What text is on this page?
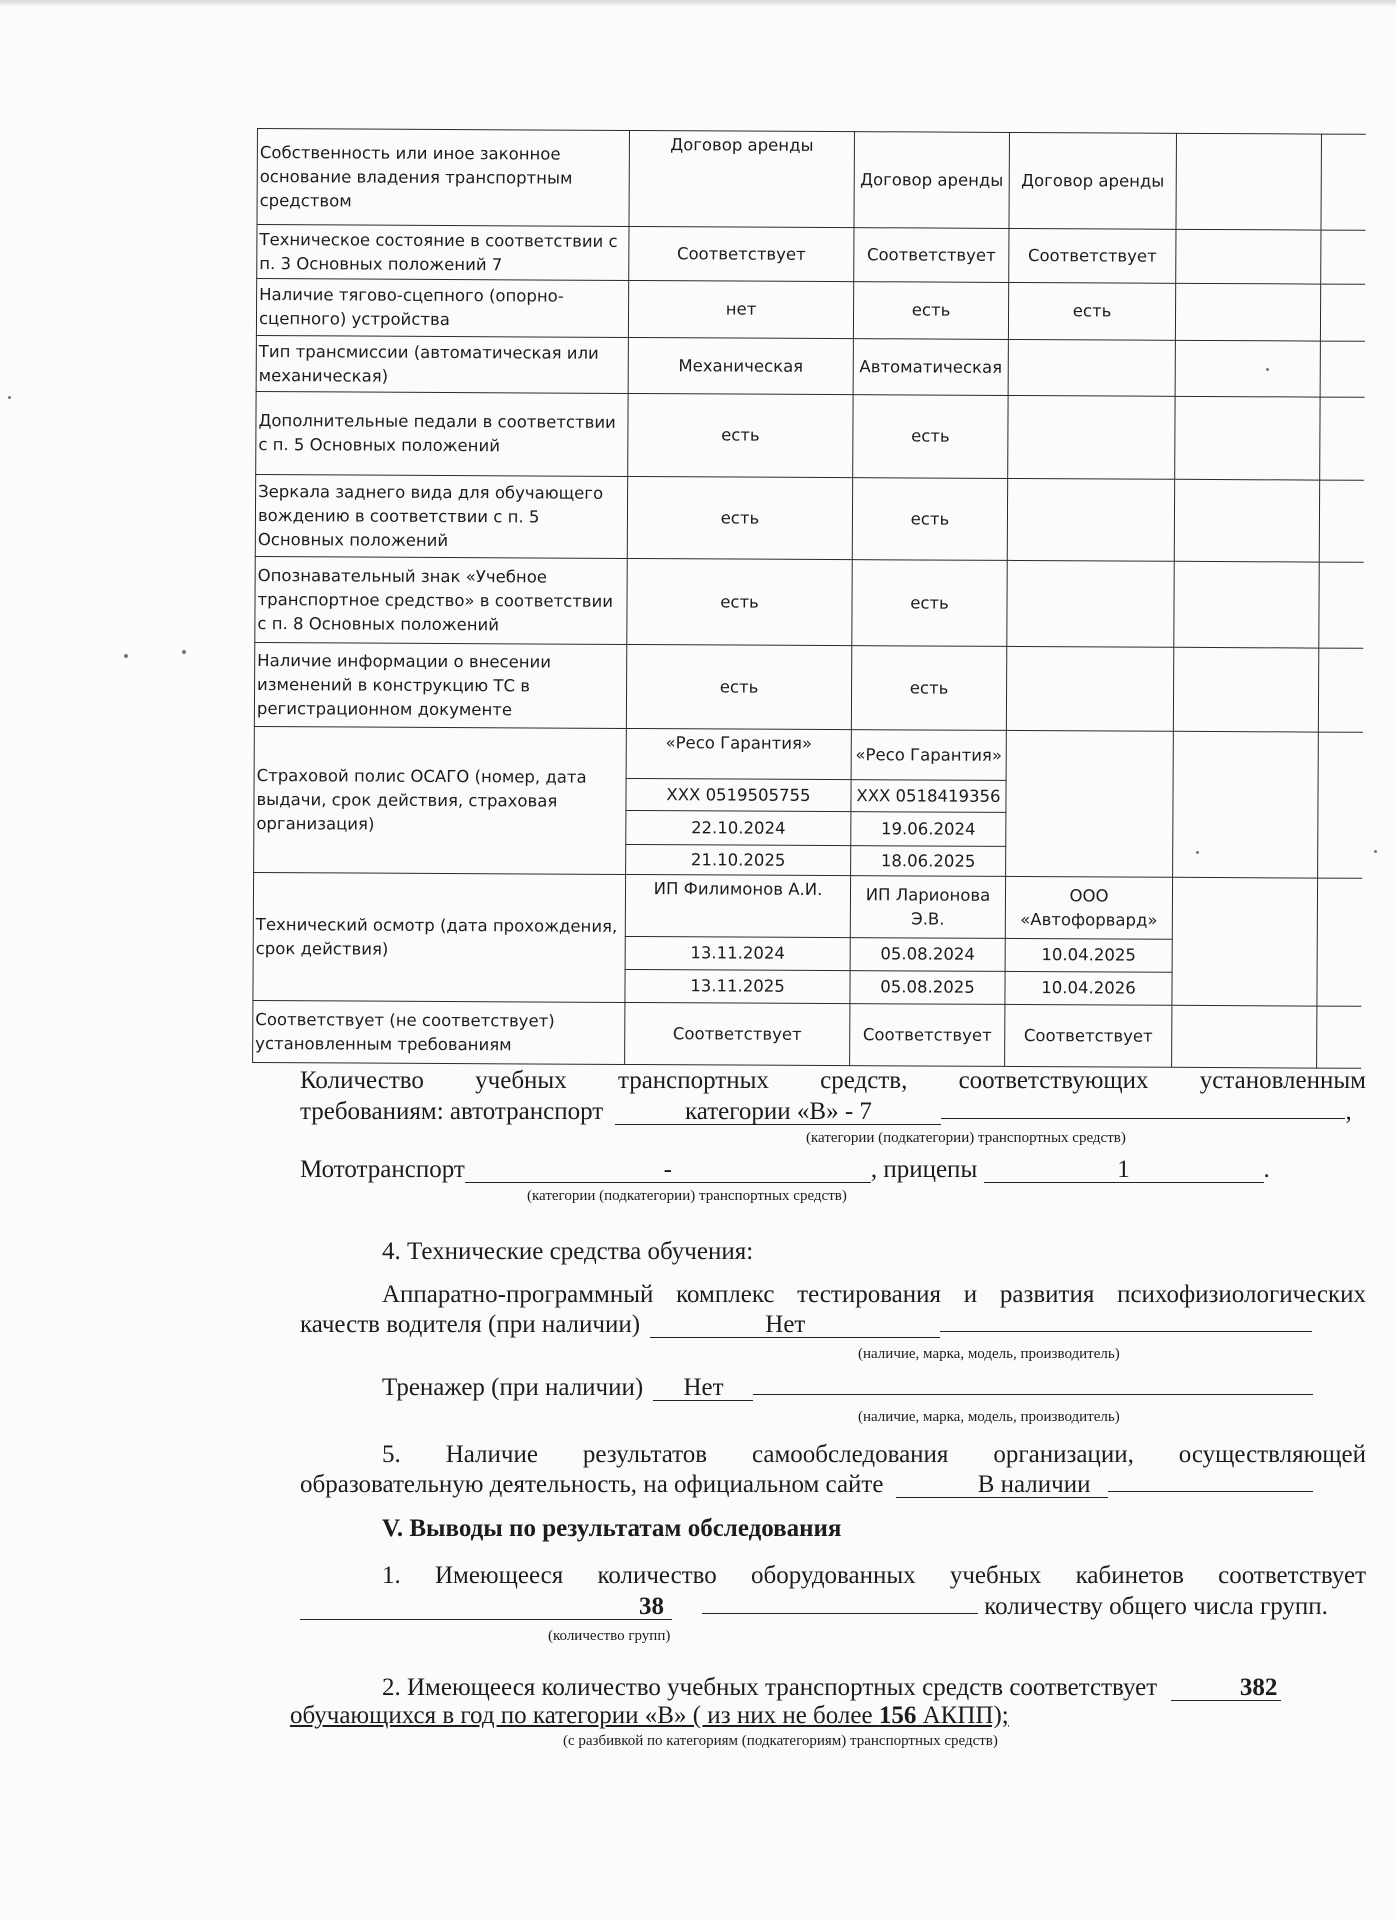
Собственность или иное законное основание владения транспортным средством	Договор аренды	Договор аренды	Договор аренды		
Техническое состояние в соответствии с п. 3 Основных положений 7	Соответствует	Соответствует	Соответствует		
Наличие тягово-сцепного (опорно-сцепного) устройства	нет	есть	есть		
Тип трансмиссии (автоматическая или механическая)	Механическая	Автоматическая			
Дополнительные педали в соответствии с п. 5 Основных положений	есть	есть			
Зеркала заднего вида для обучающего вождению в соответствии с п. 5 Основных положений	есть	есть			
Опознавательный знак «Учебное транспортное средство» в соответствии с п. 8 Основных положений	есть	есть			
Наличие информации о внесении изменений в конструкцию ТС в регистрационном документе	есть	есть			
Страховой полис ОСАГО (номер, дата выдачи, срок действия, страховая организация)	«Ресо Гарантия»	«Ресо Гарантия»			
	XXX 0519505755	XXX 0518419356			
	22.10.2024	19.06.2024			
	21.10.2025	18.06.2025			
Технический осмотр (дата прохождения, срок действия)	ИП Филимонов А.И.	ИП Ларионова Э.В.	ООО «Автофорвард»		
	13.11.2024	05.08.2024	10.04.2025		
	13.11.2025	05.08.2025	10.04.2026		
Соответствует (не соответствует) установленным требованиям	Соответствует	Соответствует	Соответствует		
Количество учебных транспортных средств, соответствующих установленным
требованиям: автотранспорт	категории «В» - 7	,
(категории (подкатегории) транспортных средств)
Мототранспорт	-	, прицепы	1	.
(категории (подкатегории) транспортных средств)
4. Технические средства обучения:
Аппаратно-программный комплекс тестирования и развития психофизиологических
качеств водителя (при наличии)	Нет
(наличие, марка, модель, производитель)
Тренажер (при наличии) Нет
(наличие, марка, модель, производитель)
5. Наличие результатов самообследования организации, осуществляющей
образовательную деятельность, на официальном сайте	В наличии
V. Выводы по результатам обследования
1. Имеющееся количество оборудованных учебных кабинетов соответствует
38	количеству общего числа групп.
(количество групп)
2. Имеющееся количество учебных транспортных средств соответствует	382
обучающихся в год по категории «В» ( из них не более 156 АКПП);
(с разбивкой по категориям (подкатегориям) транспортных средств)
